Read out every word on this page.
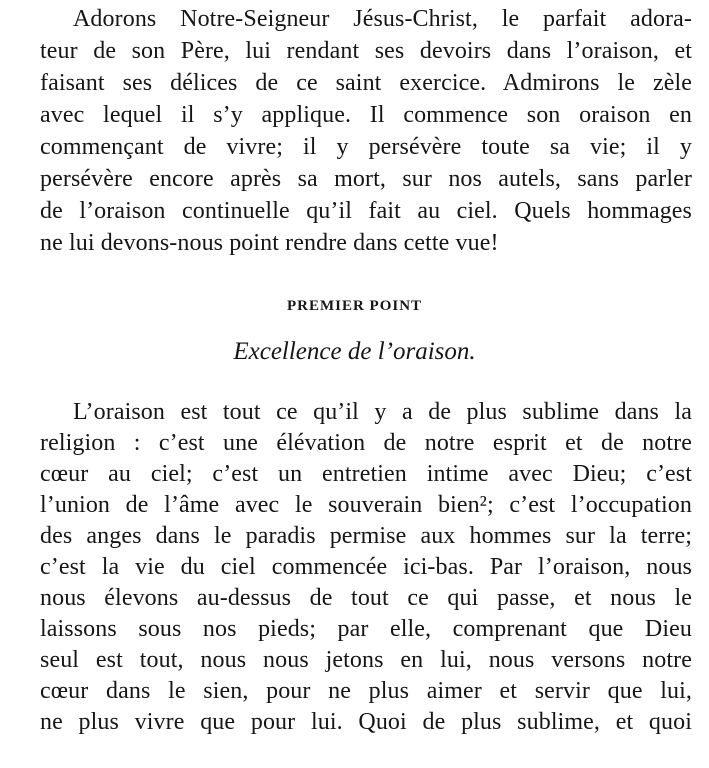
Adorons Notre-Seigneur Jésus-Christ, le parfait adora-
teur de son Père, lui rendant ses devoirs dans l’oraison, et
faisant ses délices de ce saint exercice. Admirons le zèle
avec lequel il s’y applique. Il commence son oraison en
commençant de vivre; il y persévère toute sa vie; il y
persévère encore après sa mort, sur nos autels, sans parler
de l’oraison continuelle qu’il fait au ciel. Quels hommages
ne lui devons-nous point rendre dans cette vue!
PREMIER POINT
Excellence de l’oraison.
L’oraison est tout ce qu’il y a de plus sublime dans la
religion : c’est une élévation de notre esprit et de notre
cœur au ciel; c’est un entretien intime avec Dieu; c’est
l’union de l’âme avec le souverain bien²; c’est l’occupation
des anges dans le paradis permise aux hommes sur la terre;
c’est la vie du ciel commencée ici-bas. Par l’oraison, nous
nous élevons au-dessus de tout ce qui passe, et nous le
laissons sous nos pieds; par elle, comprenant que Dieu
seul est tout, nous nous jetons en lui, nous versons notre
cœur dans le sien, pour ne plus aimer et servir que lui,
ne plus vivre que pour lui. Quoi de plus sublime, et quoi
